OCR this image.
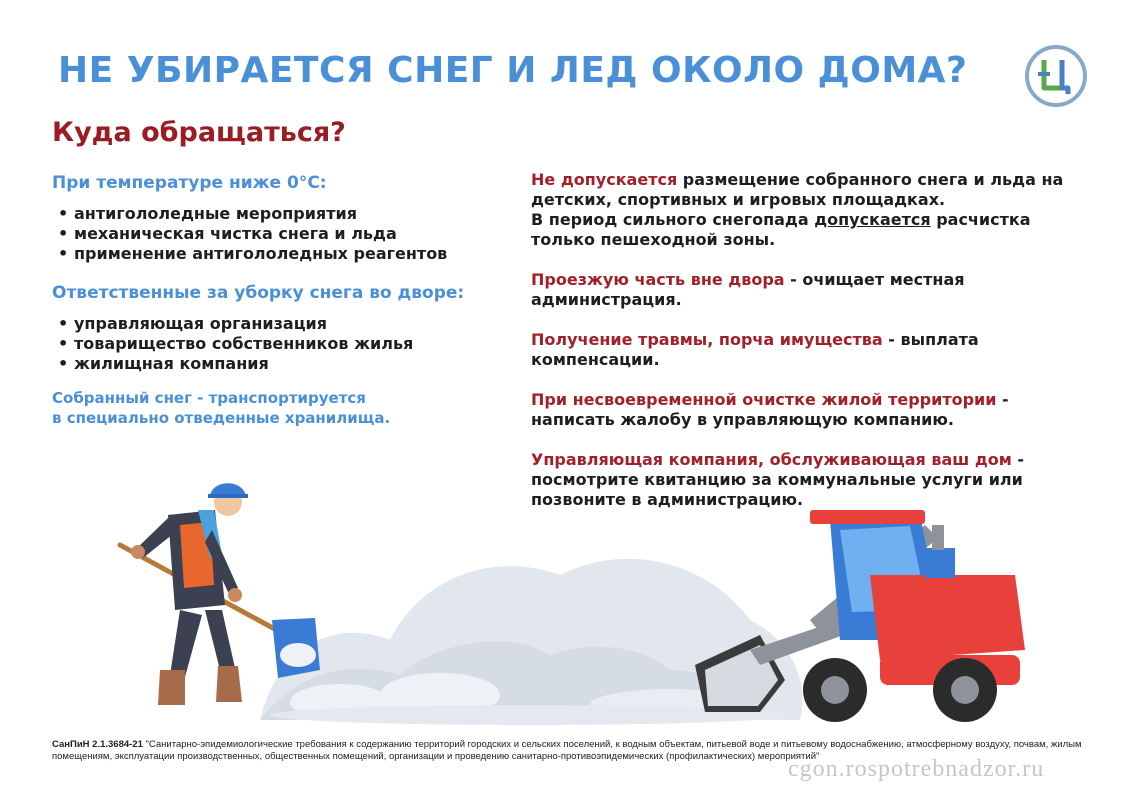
НЕ УБИРАЕТСЯ СНЕГ И ЛЕД ОКОЛО ДОМА?
Куда обращаться?

При температуре ниже 0°С:

• антигололедные мероприятия
• механическая чистка снега и льда
• применение антигололедных реагентов

Ответственные за уборку снега во дворе:

• управляющая организация
• товарищество собственников жилья
• жилищная компания

Собранный снег - транспортируется

в специально отведенные хранилища.

Не допускается размещение собранного снега и льда на детских, спортивных и игровых площадках.
В период сильного снегопада допускается расчистка только пешеходной зоны.

Проезжую часть вне двора - очищает местная администрация.

Получение травмы, порча имущества - выплата компенсации.

При несвоевременной очистке жилой территории - написать жалобу в управляющую компанию.

Управляющая компания, обслуживающая ваш дом - посмотрите квитанцию за коммунальные услуги или позвоните в администрацию.

СанПиН 2.1.3684-21 "Санитарно-эпидемиологические требования к содержанию территорий городских и сельских поселений, к водным объектам, питьевой воде и питьевому водоснабжению, атмосферному воздуху, почвам, жилым помещениям, эксплуатации производственных, общественных помещений, организации и проведению санитарно-противоэпидемических (профилактических) мероприятий"
cgon.rospotrebnadzor.ru
